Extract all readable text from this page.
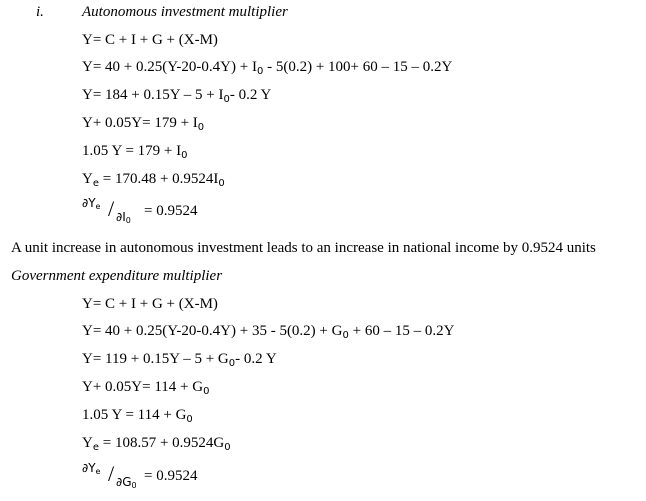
i.	Autonomous investment multiplier
Y= C + I + G + (X-M)
$Y= 40 + 0.25(Y-20-0.4Y) + I_0 - 5(0.2) + 100+ 60 - 15 - 0.2Y$
$Y= 184 + 0.15Y - 5 + I_0-$ 0.2 Y
$Y+ 0.05Y= 179 + I_0$
1.05 $Y = 179 + I_0$
$Y_e = 170.48 + 0.9524I_0$
$\partial Y_e / \partial I_0$
= 0.9524
A unit increase in autonomous investment leads to an increase in national income by 0.9524 units
Government expenditure multiplier
Y= C + I + G + (X-M)
$Y= 40 + 0.25(Y-20-0.4Y) + 35 - 5(0.2) + G_0 + 60 - 15 - 0.2Y$
$Y= 119 + 0.15Y - 5 + G_0-$ 0.2 Y
$Y+ 0.05Y= 114 + G_0$
1.05 $Y = 114 + G_0$
$Y_e = 108.57 + 0.9524G_0$
$\partial Y_e / \partial G_0$
= 0.9524
